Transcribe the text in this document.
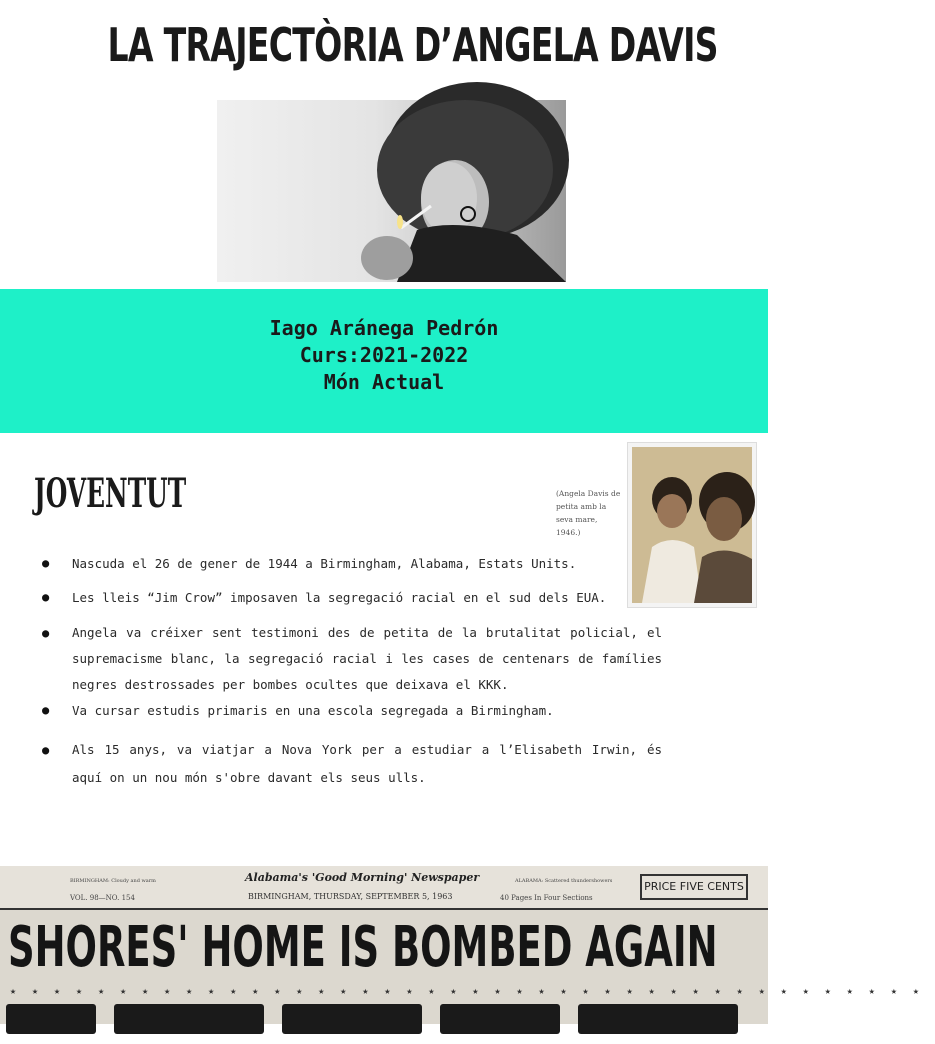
LA TRAJECTÒRIA D’ANGELA DAVIS
Iago Aránega Pedrón
Curs:2021-2022
Món Actual
JOVENTUT	(Angela Davis de petita amb la seva mare, 1946.)
● Nascuda el 26 de gener de 1944 a Birmingham, Alabama, Estats Units.
● Les lleis “Jim Crow” imposaven la segregació racial en el sud dels EUA.
● Angela va créixer sent testimoni des de petita de la brutalitat policial, el supremacisme blanc, la segregació racial i les cases de centenars de famílies negres destrossades per bombes ocultes que deixava el KKK.
● Va cursar estudis primaris en una escola segregada a Birmingham.
● Als 15 anys, va viatjar a Nova York per a estudiar a l’Elisabeth Irwin, és aquí on un nou món s'obre davant els seus ulls.
BIRMINGHAM: Cloudy and warm	Alabama's 'Good Morning' Newspaper	ALABAMA: Scattered thundershowers
VOL. 98—NO. 154	BIRMINGHAM, THURSDAY, SEPTEMBER 5, 1963	40 Pages In Four Sections
PRICE FIVE CENTS
SHORES' HOME IS BOMBED AGAIN
★★★★★★★★★★★★★★★★★★★★★★★★★★★★★★★★★★★★★★★★★★
